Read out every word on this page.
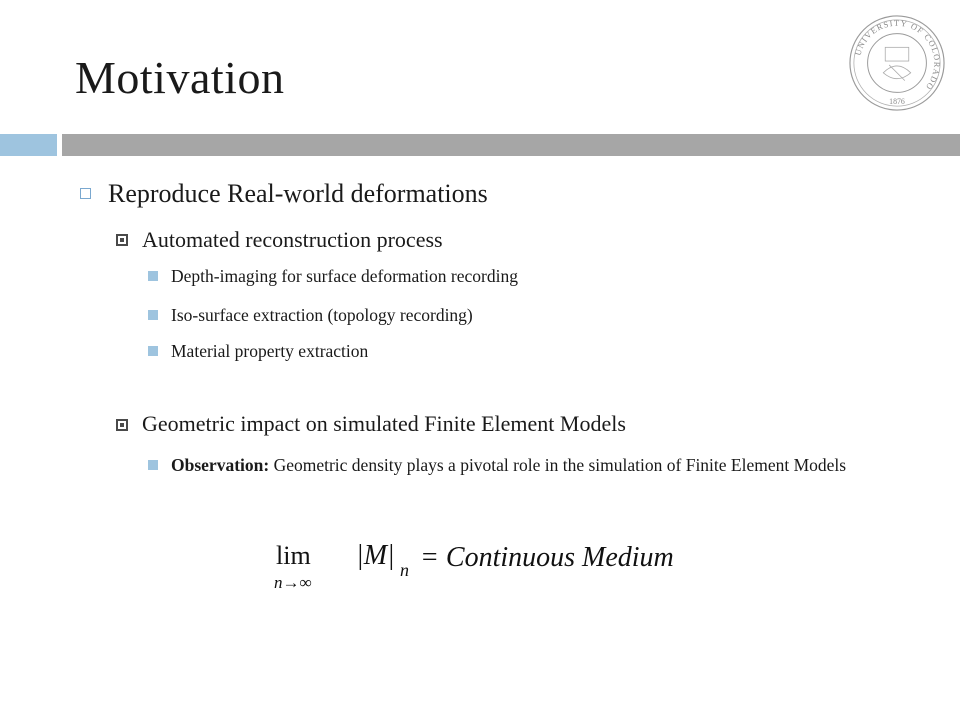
Motivation
UNIVERSITY OF COLORADO
1876
Reproduce Real-world deformations
Automated reconstruction process
Depth-imaging for surface deformation recording
Iso-surface extraction (topology recording)
Material property extraction
Geometric impact on simulated Finite Element Models
Observation: Geometric density plays a pivotal role in the simulation of Finite Element Models
lim
n→∞
|M| n = Continuous Medium
